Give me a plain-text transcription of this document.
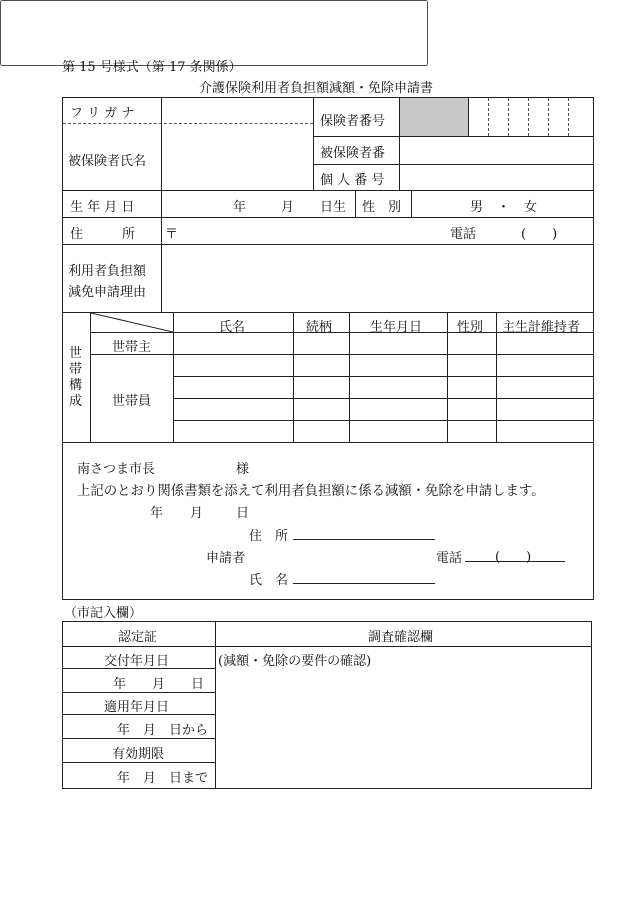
第 15 号様式（第 17 条関係）
介護保険利用者負担額減額・免除申請書
フ リ ガ ナ
被保険者氏名
保険者番号
被保険者番
個 人 番 号
生 年 月 日	年	月 日生 性　別	男 ・ 女
住　　　所 〒	電話	(　　)
利用者負担額
減免申請理由
世
帯
構
成
氏名	続柄	生年月日	性別 主生計維持者
世帯主
世帯員
南さつま市長	様
上記のとおり関係書類を添えて利用者負担額に係る減額・免除を申請します。
年 月	日
住　所
申請者	電話	(　　)
氏　名
（市記入欄）
認定証	調査確認欄
交付年月日
年　　月　　日
適用年月日
年　月　日から
有効期限
年　月　日まで
(減額・免除の要件の確認)
